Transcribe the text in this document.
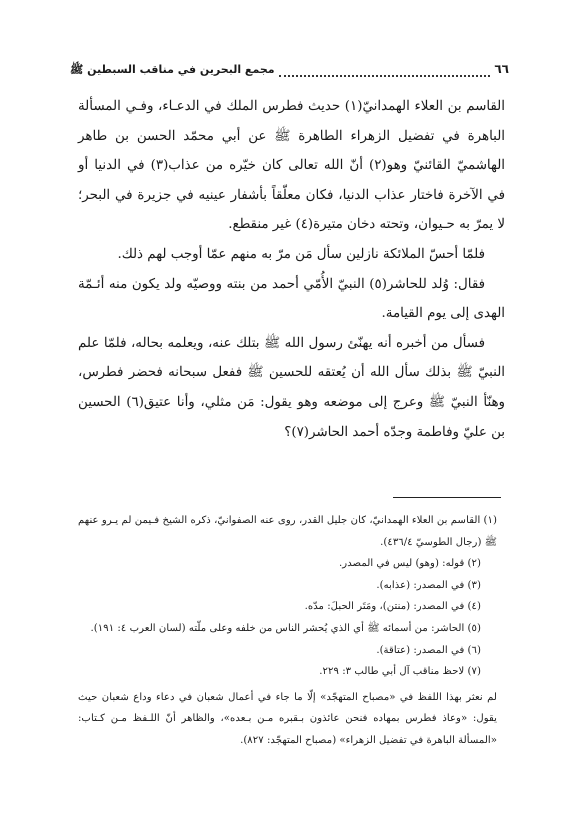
٦٦
مجمع البحرين في مناقب السبطين ﷺ

القاسم بن العلاء الهمدانيّ(١) حديث فطرس الملك في الدعـاء، وفـي المسألة الباهرة في تفضيل الزهراء الطاهرة ﷺ عن أبي محمّد الحسن بن طاهر الهاشميّ القائنيّ وهو(٢) أنّ الله تعالى كان خيّره من عذاب(٣) في الدنيا أو في الآخرة فاختار عذاب الدنيا، فكان معلّقاً بأشفار عينيه في جزيرة في البحر؛ لا يمرّ به حـيوان، وتحته دخان متيرة(٤) غير منقطع.

فلمّا أحسّ الملائكة نازلين سأل مَن مرّ به منهم عمّا أوجب لهم ذلك.

فقال: وُلد للحاشر(٥) النبيّ الأُمّي أحمد من بنته ووصيّه ولد يكون منه أئـمّة الهدى إلى يوم القيامة.

فسأل من أخبره أنه يهنّئ رسول الله ﷺ بتلك عنه، ويعلمه بحاله، فلمّا علم النبيّ ﷺ بذلك سأل الله أن يُعتقه للحسين ﷺ ففعل سبحانه فحضر فطرس، وهنّأ النبيّ ﷺ وعرج إلى موضعه وهو يقول: مَن مثلي، وأنا عتيق(٦) الحسين بن عليّ وفاطمة وجدّه أحمد الحاشر(٧)؟

(١) القاسم بن العلاء الهمدانيّ، كان جليل القدر، روى عنه الصفوانيّ، ذكره الشيخ فـيمن لم يـرو عنهم ﷺ (رجال الطوسيّ ٤٣٦/٤).

(٢) قوله: (وهو) ليس في المصدر.

(٣) في المصدر: (عذابه).

(٤) في المصدر: (منتن)، ومَتَر الحبلَ: مدّه.

(٥) الحاشر: من أسمائه ﷺ أي الذي يُحشر الناس من خلفه وعلى ملّته (لسان العرب ٤: ١٩١).

(٦) في المصدر: (عتاقة).

(٧) لاحظ مناقب آل أبي طالب ٣: ٢٢٩.

لم نعثر بهذا اللفظ في «مصباح المتهجّد» إلّا ما جاء في أعمال شعبان في دعاء وداع شعبان حيث يقول: «وعاذ فطرس بمهاده فنحن عائذون بـقبره مـن بـعده»، والظاهر أنّ اللـفظ مـن كـتاب: «المسألة الباهرة في تفضيل الزهراء» (مصباح المتهجّد: ٨٢٧).
